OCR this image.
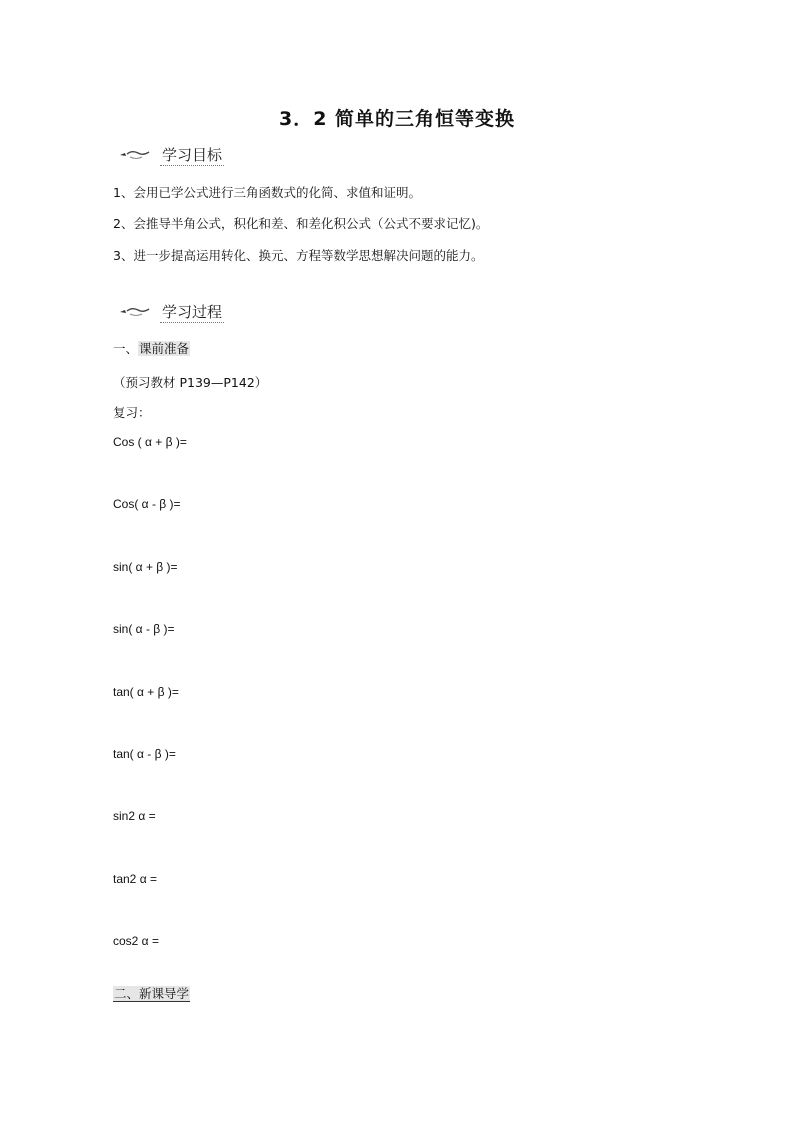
3．2 简单的三角恒等变换
学习目标
1、会用已学公式进行三角函数式的化简、求值和证明。
2、会推导半角公式，积化和差、和差化积公式（公式不要求记忆)。
3、进一步提高运用转化、换元、方程等数学思想解决问题的能力。
学习过程
一、课前准备
（预习教材 P139—P142）
复习：
Cos ( α + β )=
Cos( α - β )=
sin( α + β )=
sin( α - β )=
tan( α + β )=
tan( α - β )=
sin2 α =
tan2 α =
cos2 α =
二、新课导学
